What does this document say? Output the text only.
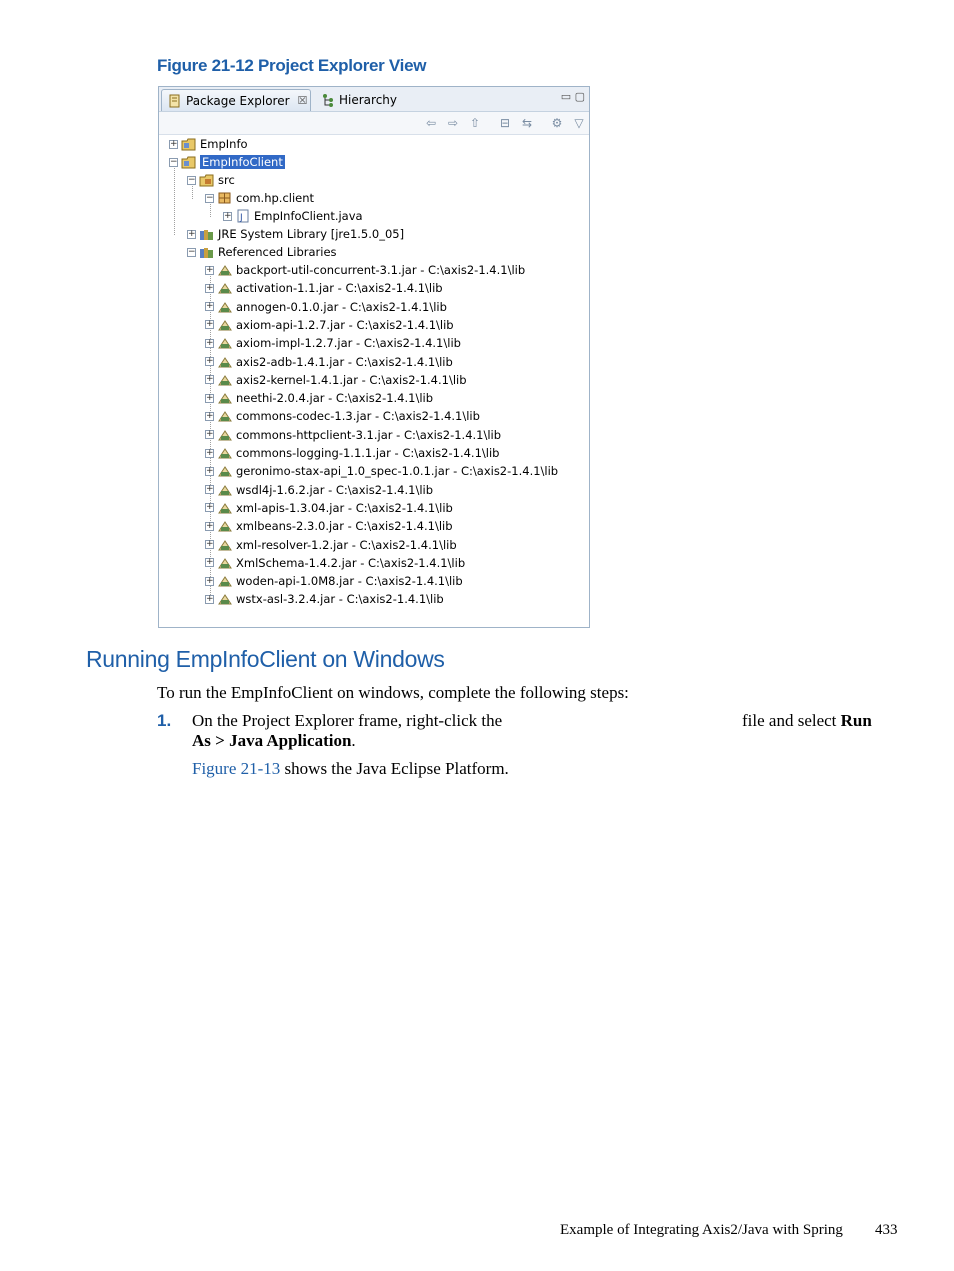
Figure 21-12 Project Explorer View
Package Explorer ☒	Hierarchy	▭ ▢
⇦ ⇨ ⇧ ⊟ ⇆ ⚙ ▽
+ EmpInfo
− EmpInfoClient
− src
− com.hp.client
+ J EmpInfoClient.java
+ JRE System Library [jre1.5.0_05]
− Referenced Libraries
+ backport-util-concurrent-3.1.jar - C:\axis2-1.4.1\lib
+ activation-1.1.jar - C:\axis2-1.4.1\lib
+ annogen-0.1.0.jar - C:\axis2-1.4.1\lib
+ axiom-api-1.2.7.jar - C:\axis2-1.4.1\lib
+ axiom-impl-1.2.7.jar - C:\axis2-1.4.1\lib
+ axis2-adb-1.4.1.jar - C:\axis2-1.4.1\lib
+ axis2-kernel-1.4.1.jar - C:\axis2-1.4.1\lib
+ neethi-2.0.4.jar - C:\axis2-1.4.1\lib
+ commons-codec-1.3.jar - C:\axis2-1.4.1\lib
+ commons-httpclient-3.1.jar - C:\axis2-1.4.1\lib
+ commons-logging-1.1.1.jar - C:\axis2-1.4.1\lib
+ geronimo-stax-api_1.0_spec-1.0.1.jar - C:\axis2-1.4.1\lib
+ wsdl4j-1.6.2.jar - C:\axis2-1.4.1\lib
+ xml-apis-1.3.04.jar - C:\axis2-1.4.1\lib
+ xmlbeans-2.3.0.jar - C:\axis2-1.4.1\lib
+ xml-resolver-1.2.jar - C:\axis2-1.4.1\lib
+ XmlSchema-1.4.2.jar - C:\axis2-1.4.1\lib
+ woden-api-1.0M8.jar - C:\axis2-1.4.1\lib
+ wstx-asl-3.2.4.jar - C:\axis2-1.4.1\lib
Running EmpInfoClient on Windows
To run the EmpInfoClient on windows, complete the following steps:
1. On the Project Explorer frame, right-click the	file and select Run
As > Java Application.
Figure 21-13 shows the Java Eclipse Platform.
Example of Integrating Axis2/Java with Spring 433
